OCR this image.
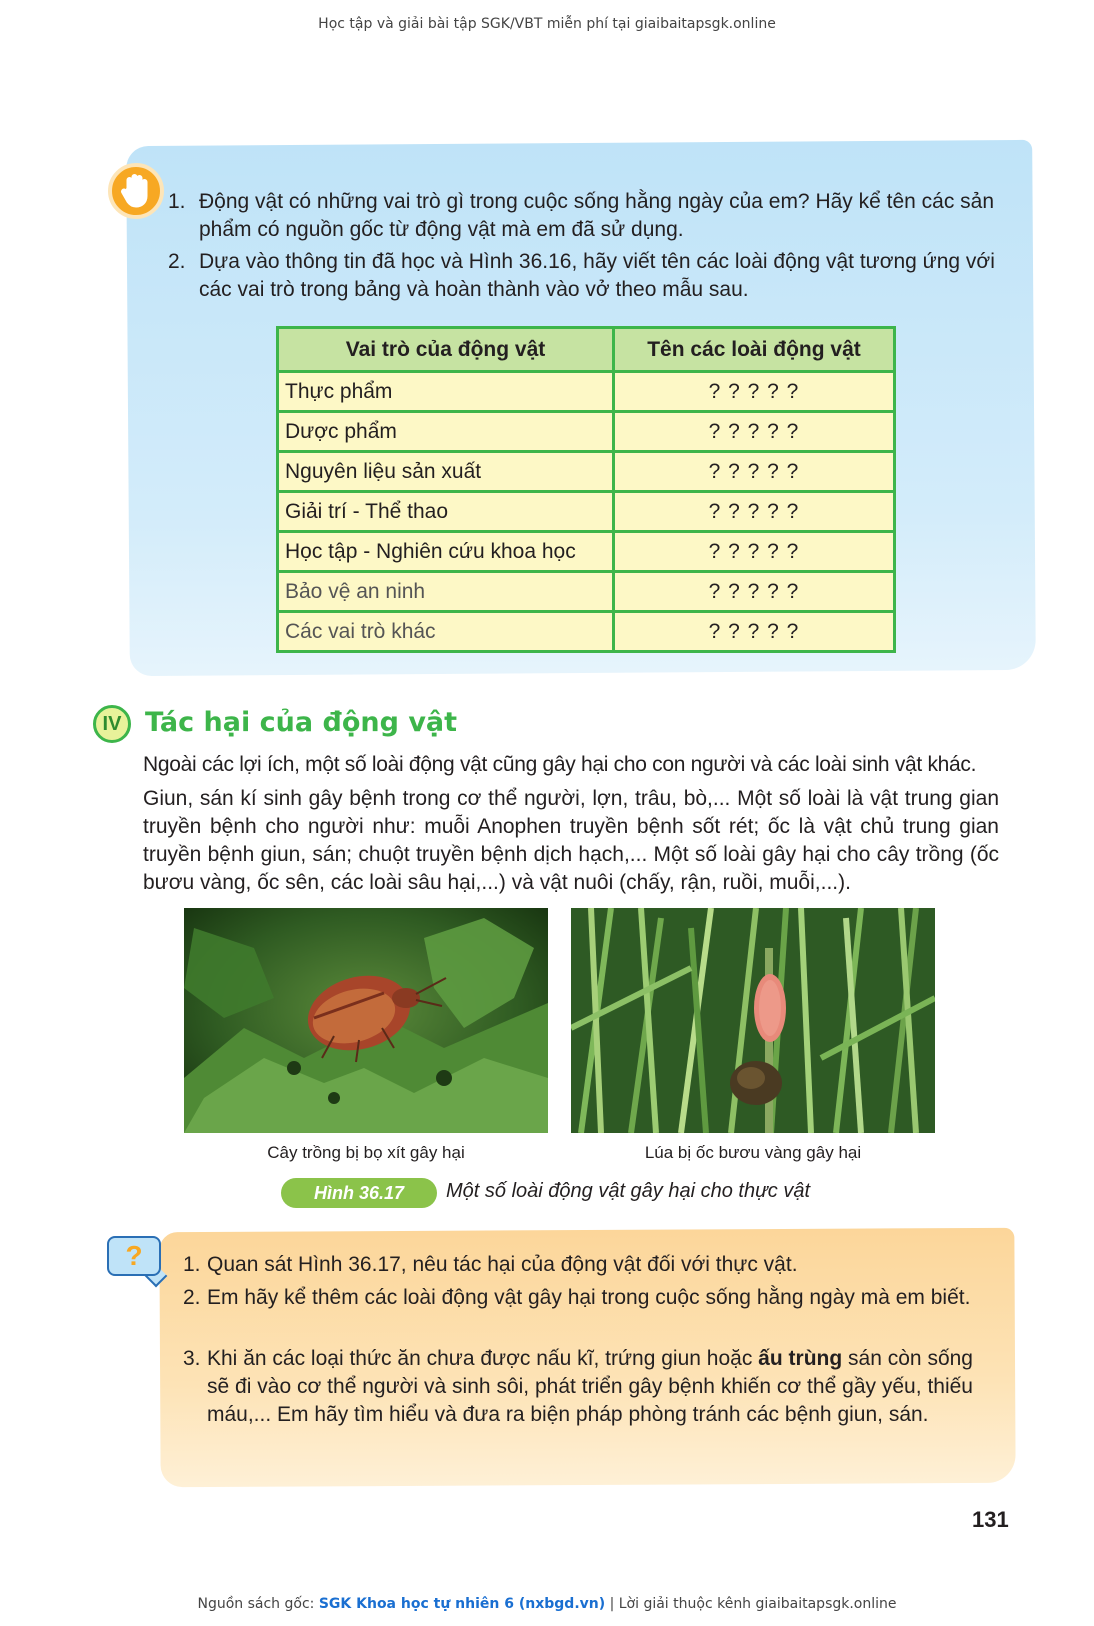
Học tập và giải bài tập SGK/VBT miễn phí tại giaibaitapsgk.online
1. Động vật có những vai trò gì trong cuộc sống hằng ngày của em? Hãy kể tên các sản phẩm có nguồn gốc từ động vật mà em đã sử dụng.
2. Dựa vào thông tin đã học và Hình 36.16, hãy viết tên các loài động vật tương ứng với các vai trò trong bảng và hoàn thành vào vở theo mẫu sau.
Vai trò của động vật	Tên các loài động vật
Thực phẩm	? ? ? ? ?
Dược phẩm	? ? ? ? ?
Nguyên liệu sản xuất	? ? ? ? ?
Giải trí - Thể thao	? ? ? ? ?
Học tập - Nghiên cứu khoa học	? ? ? ? ?
Bảo vệ an ninh	? ? ? ? ?
Các vai trò khác	? ? ? ? ?
IV Tác hại của động vật

Ngoài các lợi ích, một số loài động vật cũng gây hại cho con người và các loài sinh vật khác.

Giun, sán kí sinh gây bệnh trong cơ thể người, lợn, trâu, bò,... Một số loài là vật trung gian truyền bệnh cho người như: muỗi Anophen truyền bệnh sốt rét; ốc là vật chủ trung gian truyền bệnh giun, sán; chuột truyền bệnh dịch hạch,... Một số loài gây hại cho cây trồng (ốc bươu vàng, ốc sên, các loài sâu hại,...) và vật nuôi (chấy, rận, ruồi, muỗi,...).

Cây trồng bị bọ xít gây hại	Lúa bị ốc bươu vàng gây hại
Hình 36.17	Một số loài động vật gây hại cho thực vật
?	1. Quan sát Hình 36.17, nêu tác hại của động vật đối với thực vật.
2. Em hãy kể thêm các loài động vật gây hại trong cuộc sống hằng ngày mà em biết.
3. Khi ăn các loại thức ăn chưa được nấu kĩ, trứng giun hoặc ấu trùng sán còn sống sẽ đi vào cơ thể người và sinh sôi, phát triển gây bệnh khiến cơ thể gầy yếu, thiếu máu,... Em hãy tìm hiểu và đưa ra biện pháp phòng tránh các bệnh giun, sán.
131
Nguồn sách gốc: SGK Khoa học tự nhiên 6 (nxbgd.vn) | Lời giải thuộc kênh giaibaitapsgk.online
